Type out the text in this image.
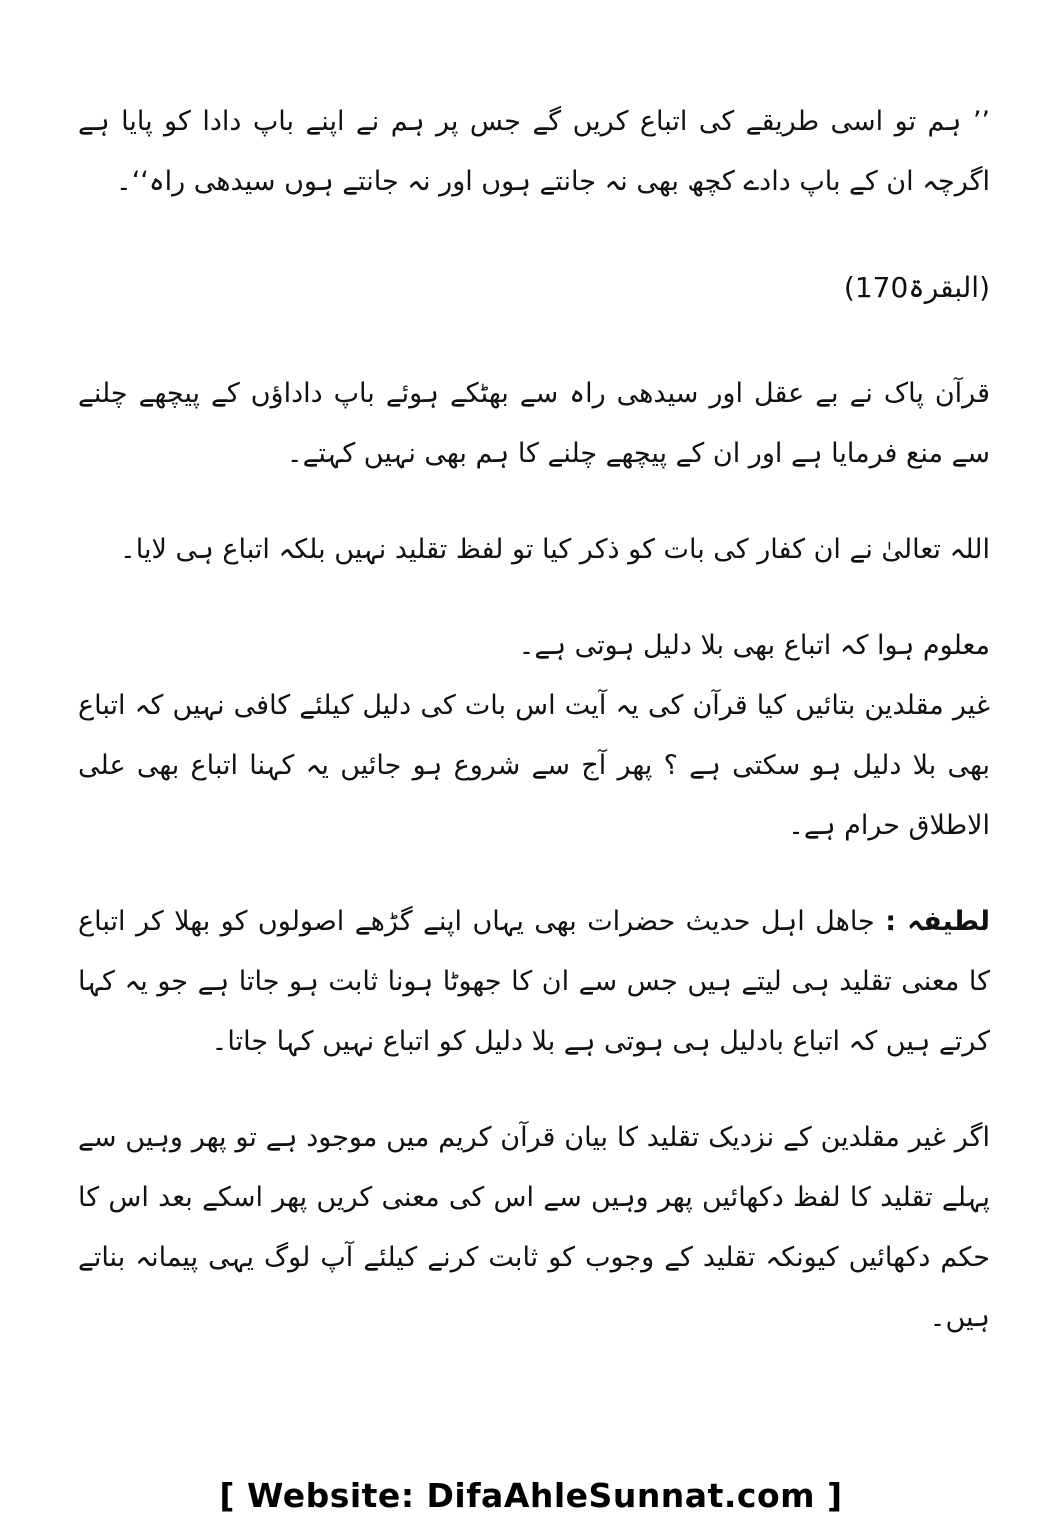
’’ ہم تو اسی طریقے کی اتباع کریں گے جس پر ہم نے اپنے باپ دادا کو پایا ہے اگرچہ ان کے باپ دادے کچھ بھی نہ جانتے ہوں اور نہ جانتے ہوں سیدھی راہ‘‘۔

(البقرۃ170)

قرآن پاک نے بے عقل اور سیدھی راہ سے بھٹکے ہوئے باپ داداؤں کے پیچھے چلنے سے منع فرمایا ہے اور ان کے پیچھے چلنے کا ہم بھی نہیں کہتے۔

اللہ تعالیٰ نے ان کفار کی بات کو ذکر کیا تو لفظ تقلید نہیں بلکہ اتباع ہی لایا۔

معلوم ہوا کہ اتباع بھی بلا دلیل ہوتی ہے۔

غیر مقلدین بتائیں کیا قرآن کی یہ آیت اس بات کی دلیل کیلئے کافی نہیں کہ اتباع بھی بلا دلیل ہو سکتی ہے ؟ پھر آج سے شروع ہو جائیں یہ کہنا اتباع بھی علی الاطلاق حرام ہے۔

لطیفہ : جاھل اہل حدیث حضرات بھی یہاں اپنے گڑھے اصولوں کو بھلا کر اتباع کا معنی تقلید ہی لیتے ہیں جس سے ان کا جھوٹا ہونا ثابت ہو جاتا ہے جو یہ کہا کرتے ہیں کہ اتباع بادلیل ہی ہوتی ہے بلا دلیل کو اتباع نہیں کہا جاتا۔

اگر غیر مقلدین کے نزدیک تقلید کا بیان قرآن کریم میں موجود ہے تو پھر وہیں سے پہلے تقلید کا لفظ دکھائیں پھر وہیں سے اس کی معنی کریں پھر اسکے بعد اس کا حکم دکھائیں کیونکہ تقلید کے وجوب کو ثابت کرنے کیلئے آپ لوگ یہی پیمانہ بناتے ہیں۔

[ Website: DifaAhleSunnat.com ]
